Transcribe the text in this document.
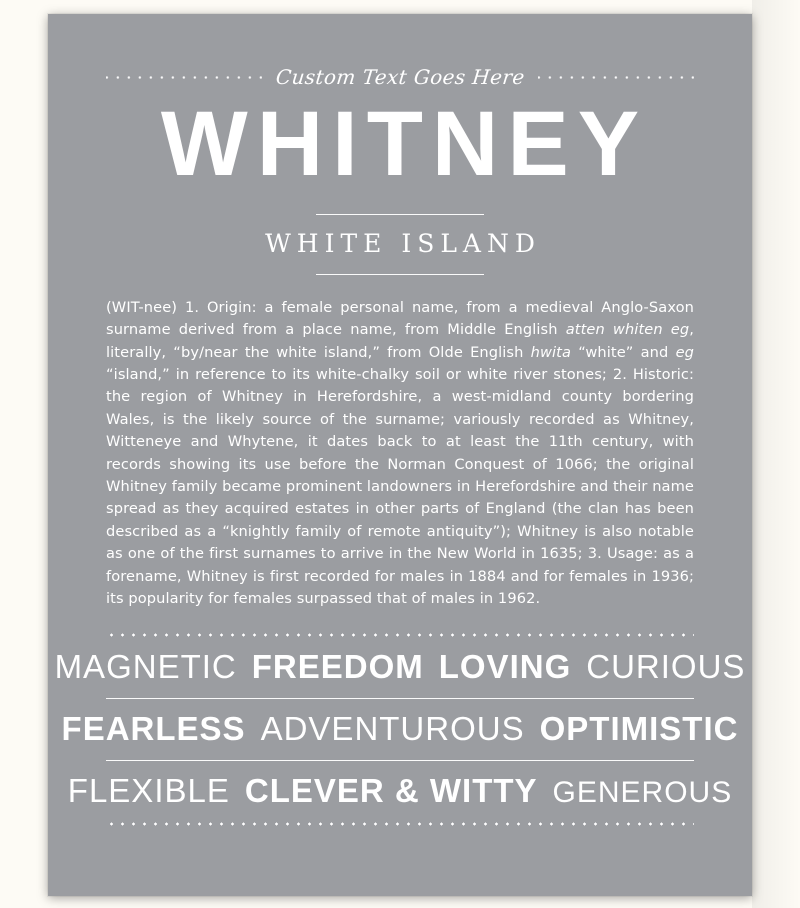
Custom Text Goes Here
WHITNEY
WHITE ISLAND
(WIT-nee) 1. Origin: a female personal name, from a medieval Anglo-Saxon surname derived from a place name, from Middle English atten whiten eg, literally, “by/near the white island,” from Olde English hwita “white” and eg “island,” in reference to its white-chalky soil or white river stones; 2. Historic: the region of Whitney in Herefordshire, a west-midland county bordering Wales, is the likely source of the surname; variously recorded as Whitney, Witteneye and Whytene, it dates back to at least the 11th century, with records showing its use before the Norman Conquest of 1066; the original Whitney family became prominent landowners in Herefordshire and their name spread as they acquired estates in other parts of England (the clan has been described as a “knightly family of remote antiquity”); Whitney is also notable as one of the first surnames to arrive in the New World in 1635; 3. Usage: as a forename, Whitney is first recorded for males in 1884 and for females in 1936; its popularity for females surpassed that of males in 1962.
MAGNETIC FREEDOM LOVING CURIOUS
FEARLESS ADVENTUROUS OPTIMISTIC
FLEXIBLE CLEVER & WITTY GENEROUS
